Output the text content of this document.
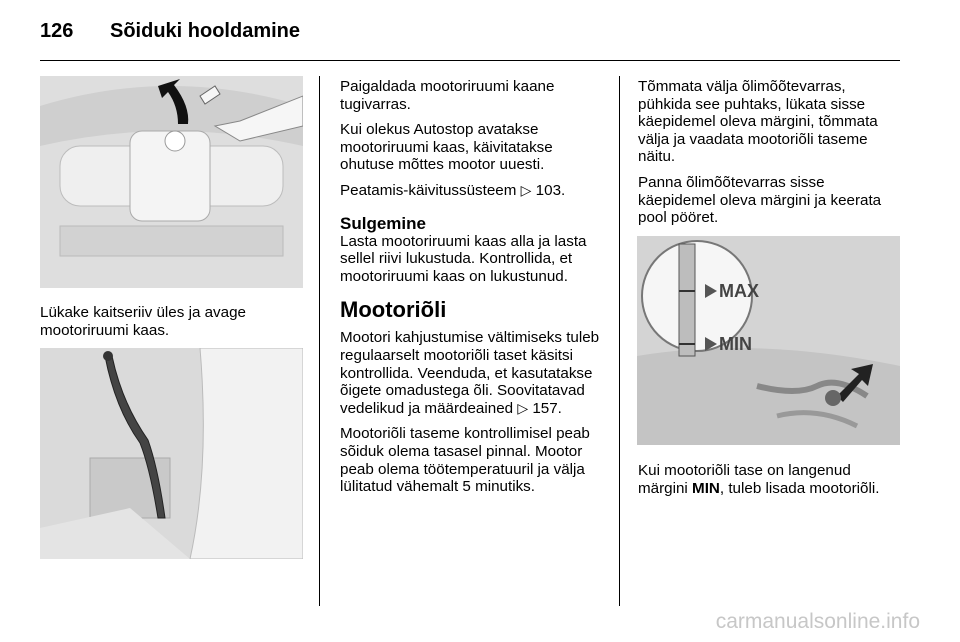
126 Sõiduki hooldamine

Lükake kaitseriiv üles ja avage mootoriruumi kaas.

Paigaldada mootoriruumi kaane tugivarras.

Kui olekus Autostop avatakse mootoriruumi kaas, käivitatakse ohutuse mõttes mootor uuesti.

Peatamis-käivitussüsteem ▷ 103.

Sulgemine

Lasta mootoriruumi kaas alla ja lasta sellel riivi lukustuda. Kontrollida, et mootoriruumi kaas on lukustunud.

Mootoriõli

Mootori kahjustumise vältimiseks tuleb regulaarselt mootoriõli taset käsitsi kontrollida. Veenduda, et kasutatakse õigete omadustega õli. Soovitatavad vedelikud ja määrdeained ▷ 157.

Mootoriõli taseme kontrollimisel peab sõiduk olema tasasel pinnal. Mootor peab olema töötemperatuuril ja välja lülitatud vähemalt 5 minutiks.

Tõmmata välja õlimõõtevarras, pühkida see puhtaks, lükata sisse käepidemel oleva märgini, tõmmata välja ja vaadata mootoriõli taseme näitu.

Panna õlimõõtevarras sisse käepidemel oleva märgini ja keerata pool pööret.

MAX
MIN

Kui mootoriõli tase on langenud märgini MIN, tuleb lisada mootoriõli.

carmanualsonline.info
